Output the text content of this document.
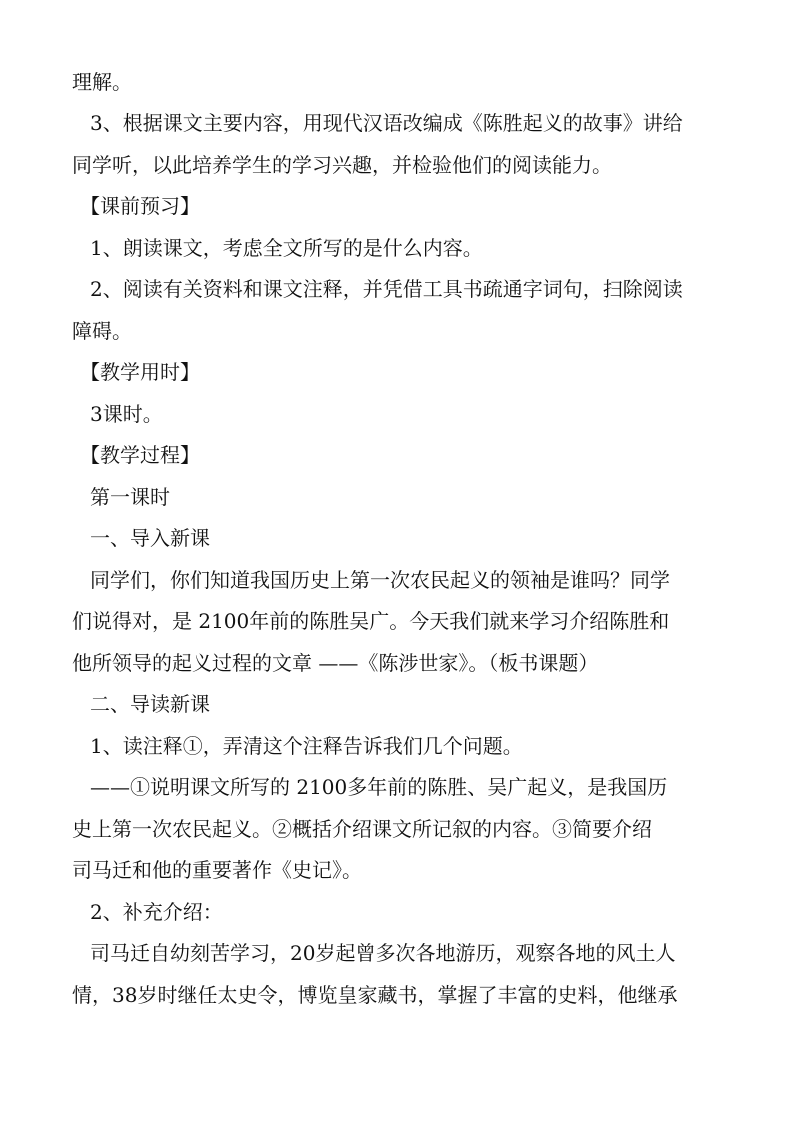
理解。
3、根据课文主要内容，用现代汉语改编成《陈胜起义的故事》讲给
同学听，以此培养学生的学习兴趣，并检验他们的阅读能力。
【课前预习】
1、朗读课文，考虑全文所写的是什么内容。
2、阅读有关资料和课文注释，并凭借工具书疏通字词句，扫除阅读
障碍。
【教学用时】
3课时。
【教学过程】
第一课时
一、导入新课
同学们，你们知道我国历史上第一次农民起义的领袖是谁吗？同学
们说得对，是 2100年前的陈胜吴广。今天我们就来学习介绍陈胜和
他所领导的起义过程的文章 ——《陈涉世家》。（板书课题）
二、导读新课
1、读注释①，弄清这个注释告诉我们几个问题。
——①说明课文所写的 2100多年前的陈胜、吴广起义，是我国历
史上第一次农民起义。②概括介绍课文所记叙的内容。③简要介绍
司马迁和他的重要著作《史记》。
2、补充介绍：
司马迁自幼刻苦学习，20岁起曾多次各地游历，观察各地的风土人
情，38岁时继任太史令，博览皇家藏书，掌握了丰富的史料，他继承
